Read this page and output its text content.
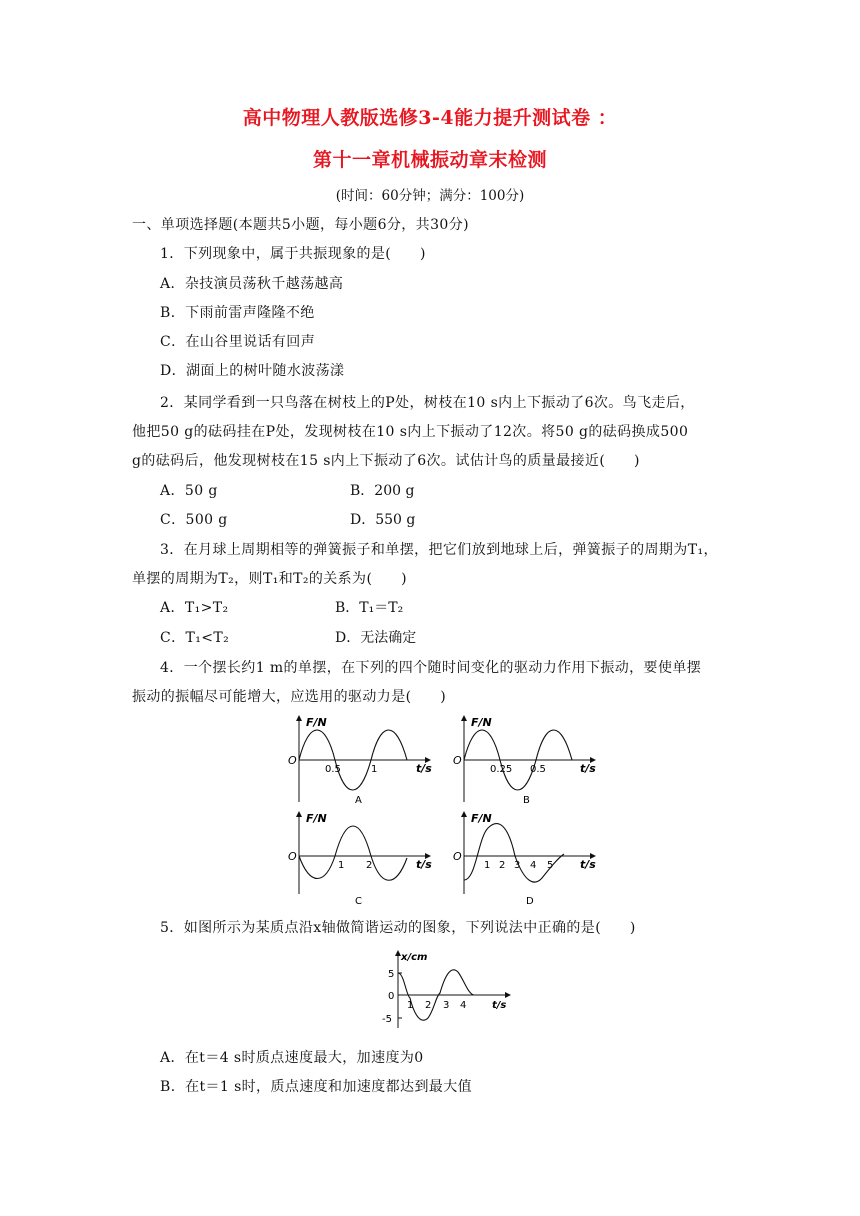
高中物理人教版选修3-4能力提升测试卷 ：
第十一章机械振动章末检测
(时间：60分钟；满分：100分)
一、单项选择题(本题共5小题，每小题6分，共30分)
1．下列现象中，属于共振现象的是(　　)
A．杂技演员荡秋千越荡越高
B．下雨前雷声隆隆不绝
C．在山谷里说话有回声
D．湖面上的树叶随水波荡漾
2．某同学看到一只鸟落在树枝上的P处，树枝在10 s内上下振动了6次。鸟飞走后，
他把50 g的砝码挂在P处，发现树枝在10 s内上下振动了12次。将50 g的砝码换成500
g的砝码后，他发现树枝在15 s内上下振动了6次。试估计鸟的质量最接近(　　)
A．50 g	B．200 g
C．500 g	D．550 g
3．在月球上周期相等的弹簧振子和单摆，把它们放到地球上后，弹簧振子的周期为T₁，
单摆的周期为T₂，则T₁和T₂的关系为(　　)
A．T₁>T₂	B．T₁＝T₂
C．T₁<T₂	D．无法确定
4．一个摆长约1 m的单摆，在下列的四个随时间变化的驱动力作用下振动，要使单摆
振动的振幅尽可能增大，应选用的驱动力是(　　)
F/N
O
0.5	1	t/s
A
F/N
O
0.25 0.5	t/s
B
F/N
O
1 2	t/s
C
F/N
O
1 2 3 4 5 t/s
D
5．如图所示为某质点沿x轴做简谐运动的图象，下列说法中正确的是(　　)
x/cm
5
0
-5
1 2 3 4	t/s
A．在t＝4 s时质点速度最大，加速度为0
B．在t＝1 s时，质点速度和加速度都达到最大值
